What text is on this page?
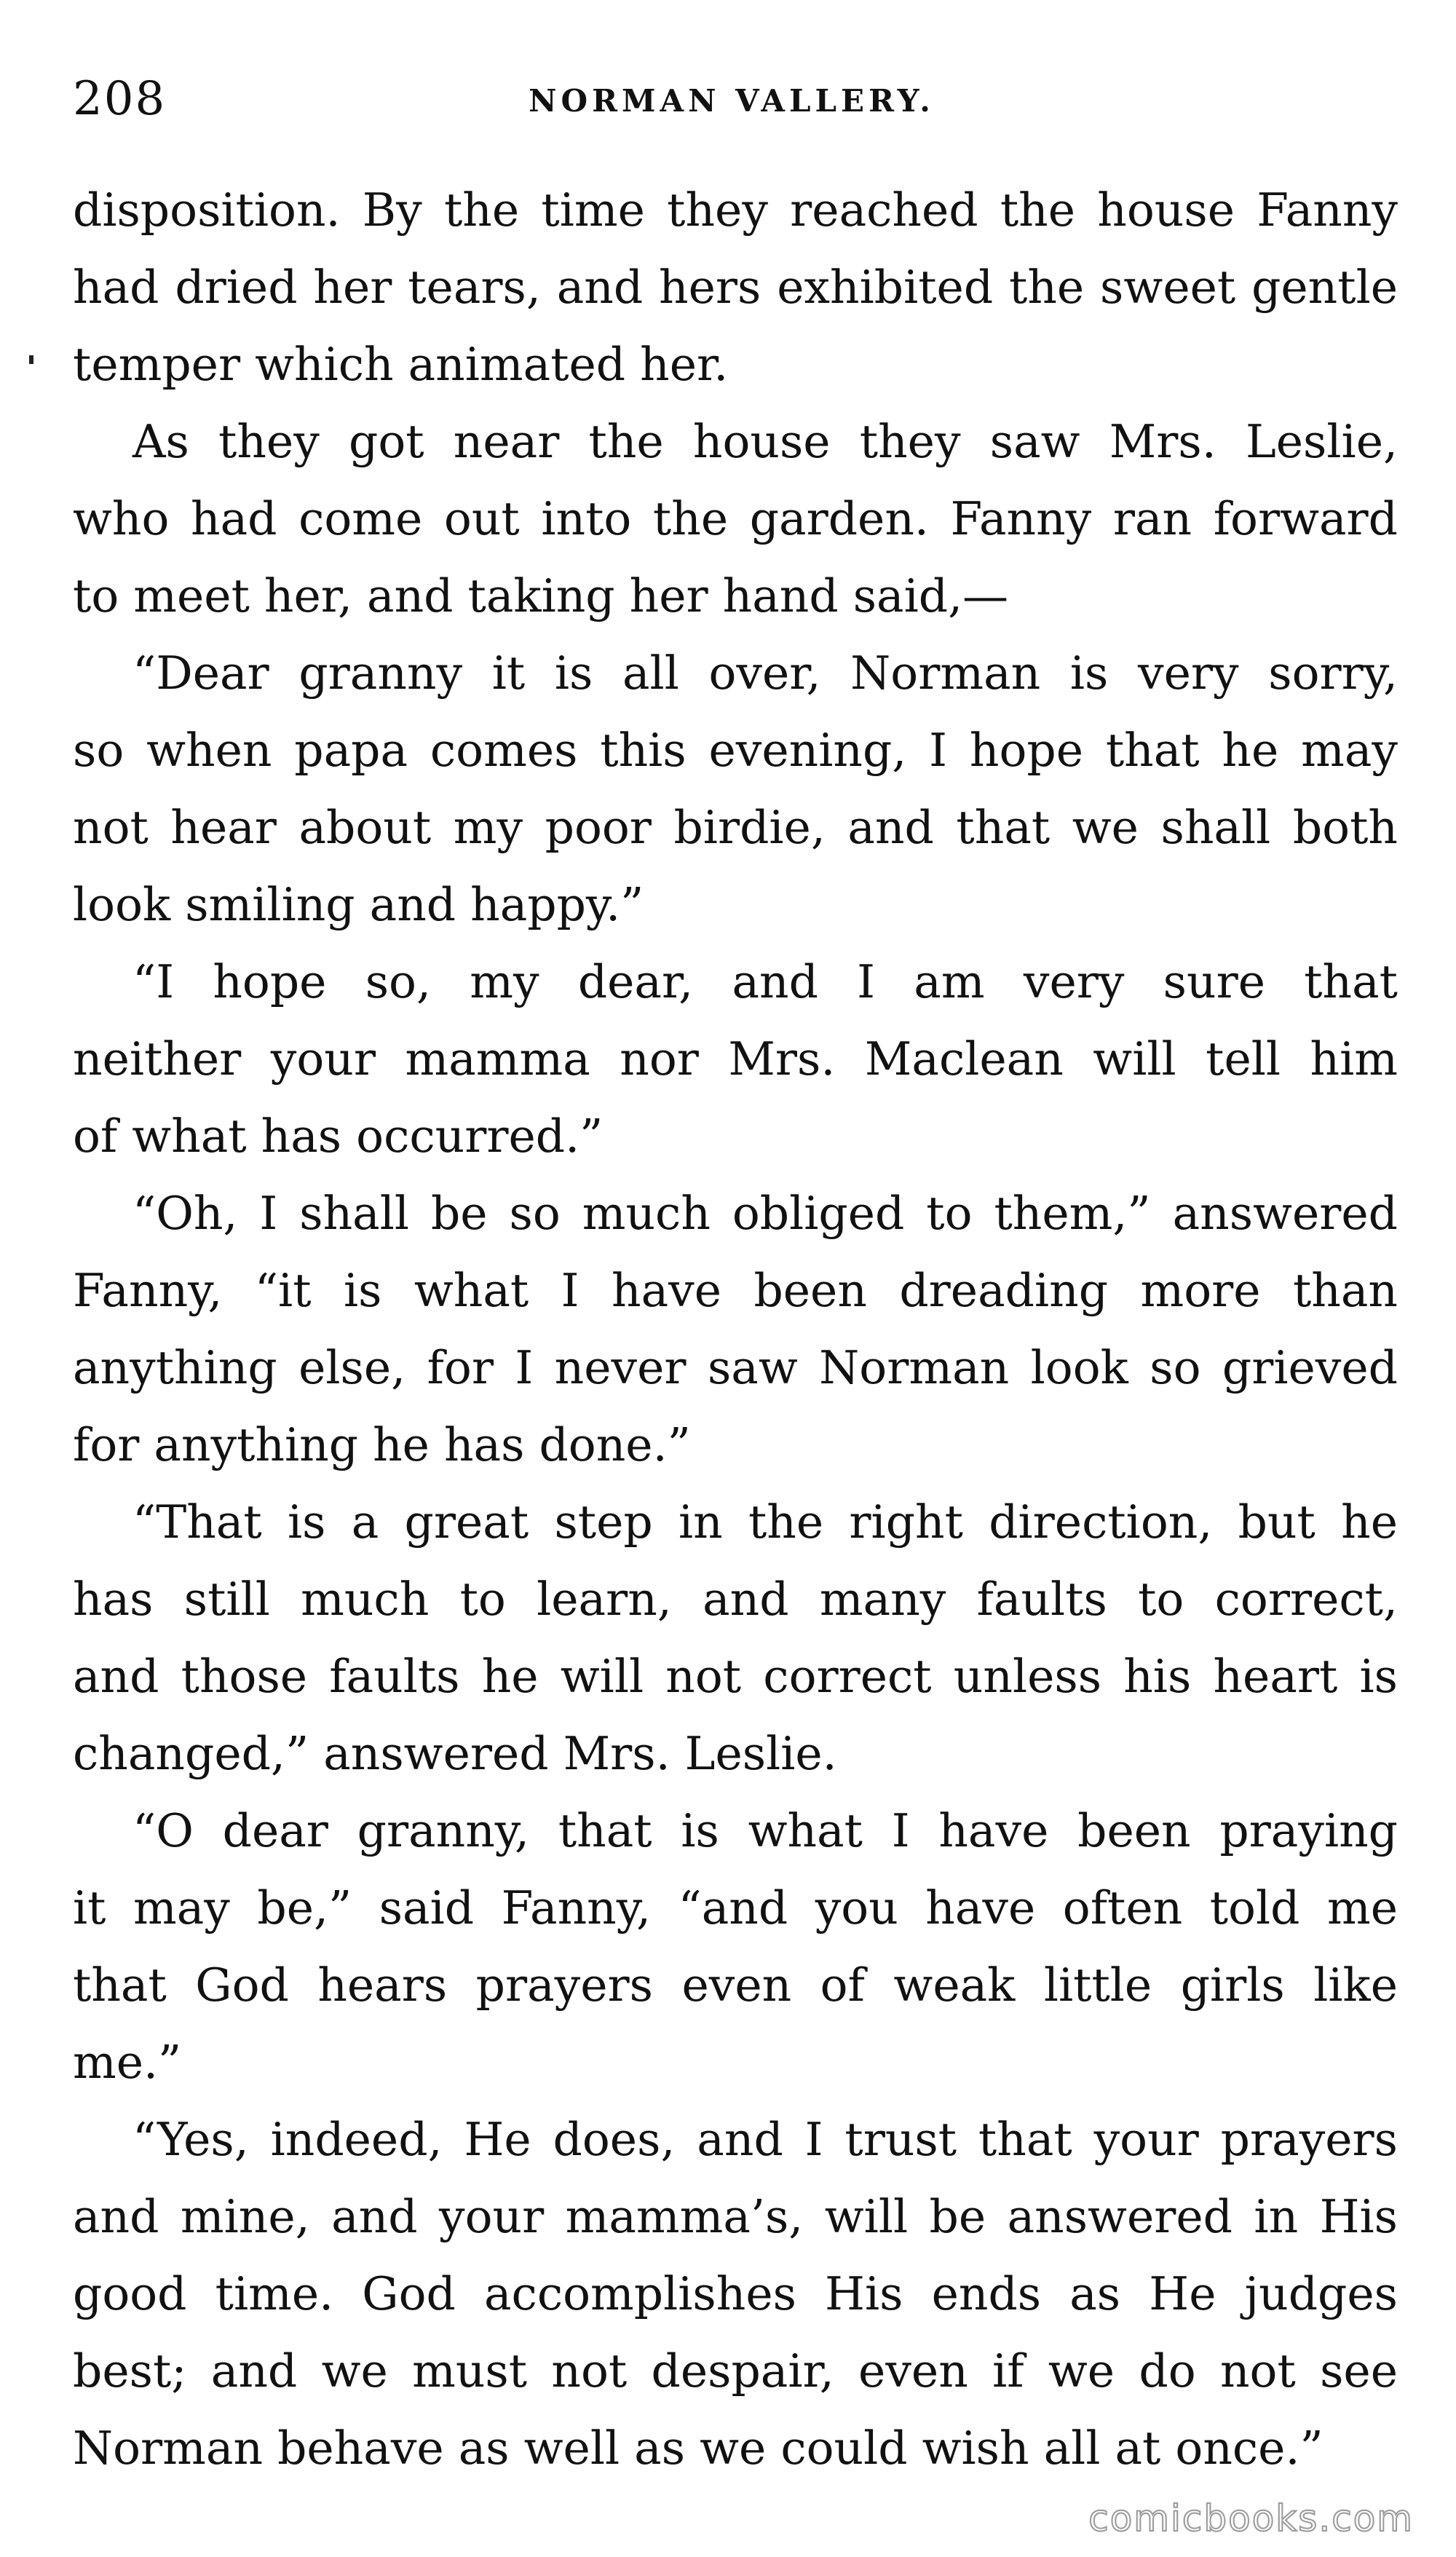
208	NORMAN VALLERY.
disposition. By the time they reached the house Fanny
had dried her tears, and hers exhibited the sweet gentle
temper which animated her.
As they got near the house they saw Mrs. Leslie,
who had come out into the garden. Fanny ran forward
to meet her, and taking her hand said,—
“Dear granny it is all over, Norman is very sorry,
so when papa comes this evening, I hope that he may
not hear about my poor birdie, and that we shall both
look smiling and happy.”
“I hope so, my dear, and I am very sure that
neither your mamma nor Mrs. Maclean will tell him
of what has occurred.”
“Oh, I shall be so much obliged to them,” answered
Fanny, “it is what I have been dreading more than
anything else, for I never saw Norman look so grieved
for anything he has done.”
“That is a great step in the right direction, but he
has still much to learn, and many faults to correct,
and those faults he will not correct unless his heart is
changed,” answered Mrs. Leslie.
“O dear granny, that is what I have been praying
it may be,” said Fanny, “and you have often told me
that God hears prayers even of weak little girls like
me.”
“Yes, indeed, He does, and I trust that your prayers
and mine, and your mamma’s, will be answered in His
good time. God accomplishes His ends as He judges
best; and we must not despair, even if we do not see
Norman behave as well as we could wish all at once.”
comicbooks.com
